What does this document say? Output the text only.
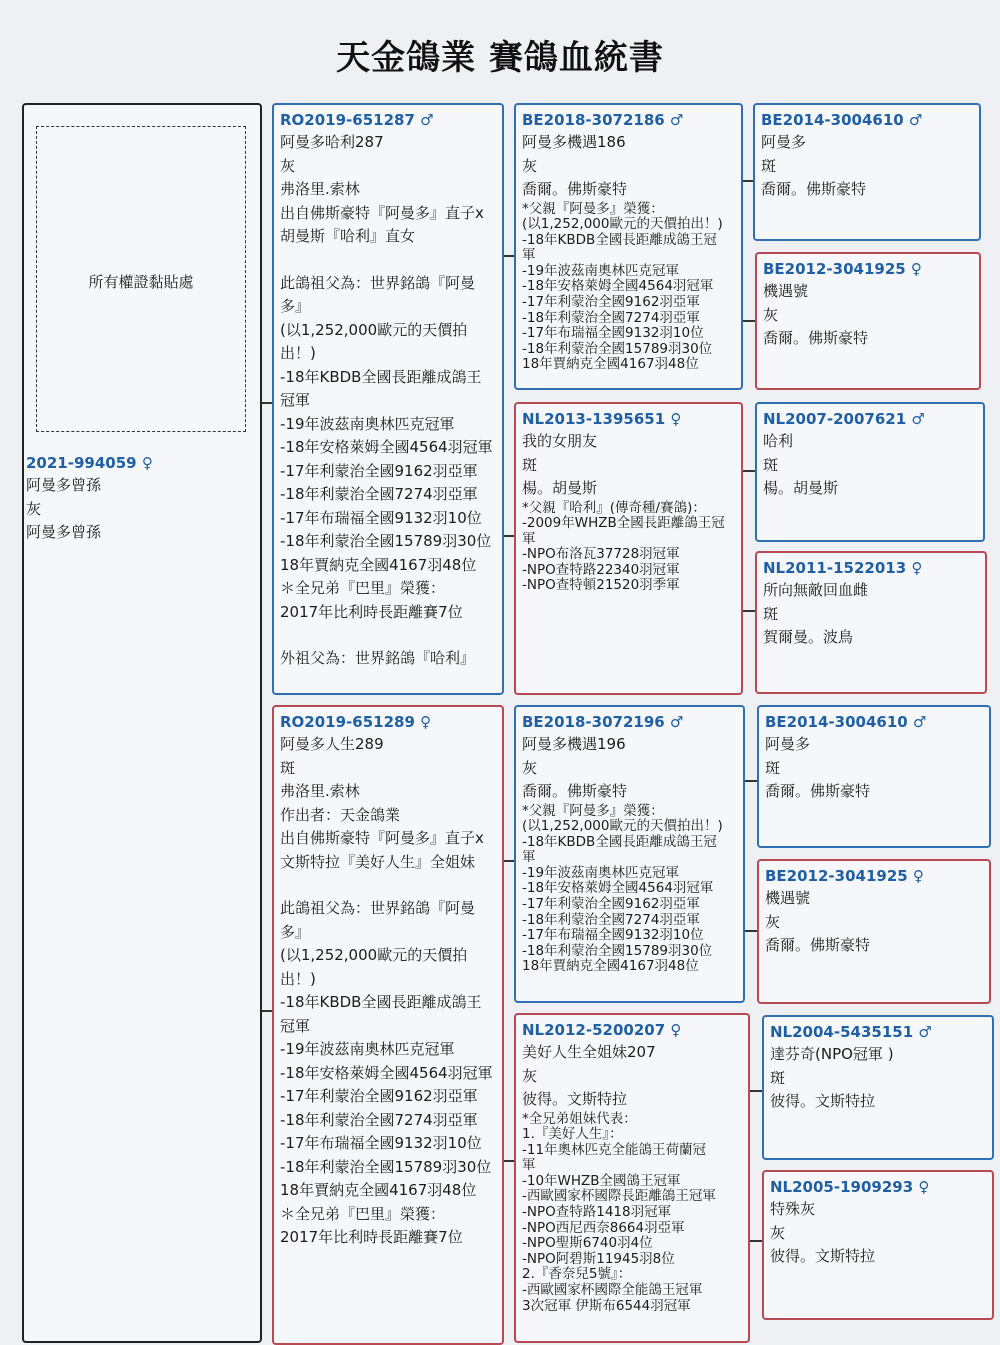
天金鴿業 賽鴿血統書
所有權證黏貼處
2021-994059 ♀
阿曼多曾孫
灰
阿曼多曾孫
RO2019-651287 ♂
阿曼多哈利287
灰
弗洛里.索林
出自佛斯豪特『阿曼多』直子x
胡曼斯『哈利』直女
此鴿祖父為：世界銘鴿『阿曼
多』
(以1,252,000歐元的天價拍
出！)
-18年KBDB全國長距離成鴿王
冠軍
-19年波茲南奧林匹克冠軍
-18年安格萊姆全國4564羽冠軍
-17年利蒙治全國9162羽亞軍
-18年利蒙治全國7274羽亞軍
-17年布瑞福全國9132羽10位
-18年利蒙治全國15789羽30位
18年賈納克全國4167羽48位
＊全兄弟『巴里』榮獲：
2017年比利時長距離賽7位
外祖父為：世界銘鴿『哈利』
RO2019-651289 ♀
阿曼多人生289
斑
弗洛里.索林
作出者：天金鴿業
出自佛斯豪特『阿曼多』直子x
文斯特拉『美好人生』全姐妹
此鴿祖父為：世界銘鴿『阿曼
多』
(以1,252,000歐元的天價拍
出！)
-18年KBDB全國長距離成鴿王
冠軍
-19年波茲南奧林匹克冠軍
-18年安格萊姆全國4564羽冠軍
-17年利蒙治全國9162羽亞軍
-18年利蒙治全國7274羽亞軍
-17年布瑞福全國9132羽10位
-18年利蒙治全國15789羽30位
18年賈納克全國4167羽48位
＊全兄弟『巴里』榮獲：
2017年比利時長距離賽7位
BE2018-3072186 ♂
阿曼多機遇186
灰
喬爾。佛斯豪特
*父親『阿曼多』榮獲：
(以1,252,000歐元的天價拍出！)
-18年KBDB全國長距離成鴿王冠
軍
-19年波茲南奧林匹克冠軍
-18年安格萊姆全國4564羽冠軍
-17年利蒙治全國9162羽亞軍
-18年利蒙治全國7274羽亞軍
-17年布瑞福全國9132羽10位
-18年利蒙治全國15789羽30位
18年賈納克全國4167羽48位
NL2013-1395651 ♀
我的女朋友
斑
楊。胡曼斯
*父親『哈利』(傳奇種/賽鴿)：
-2009年WHZB全國長距離鴿王冠
軍
-NPO布洛瓦37728羽冠軍
-NPO查特路22340羽冠軍
-NPO查特頓21520羽季軍
BE2018-3072196 ♂
阿曼多機遇196
灰
喬爾。佛斯豪特
*父親『阿曼多』榮獲：
(以1,252,000歐元的天價拍出！)
-18年KBDB全國長距離成鴿王冠
軍
-19年波茲南奧林匹克冠軍
-18年安格萊姆全國4564羽冠軍
-17年利蒙治全國9162羽亞軍
-18年利蒙治全國7274羽亞軍
-17年布瑞福全國9132羽10位
-18年利蒙治全國15789羽30位
18年賈納克全國4167羽48位
NL2012-5200207 ♀
美好人生全姐妹207
灰
彼得。文斯特拉
*全兄弟姐妹代表：
1.『美好人生』：
-11年奧林匹克全能鴿王荷蘭冠
軍
-10年WHZB全國鴿王冠軍
-西歐國家杯國際長距離鴿王冠軍
-NPO查特路1418羽冠軍
-NPO西尼西奈8664羽亞軍
-NPO聖斯6740羽4位
-NPO阿碧斯11945羽8位
2.『香奈兒5號』：
-西歐國家杯國際全能鴿王冠軍
3次冠軍 伊斯布6544羽冠軍
BE2014-3004610 ♂
阿曼多
斑
喬爾。佛斯豪特
BE2012-3041925 ♀
機遇號
灰
喬爾。佛斯豪特
NL2007-2007621 ♂
哈利
斑
楊。胡曼斯
NL2011-1522013 ♀
所向無敵回血雌
斑
賀爾曼。波鳥
BE2014-3004610 ♂
阿曼多
斑
喬爾。佛斯豪特
BE2012-3041925 ♀
機遇號
灰
喬爾。佛斯豪特
NL2004-5435151 ♂
達芬奇(NPO冠軍 )
斑
彼得。文斯特拉
NL2005-1909293 ♀
特殊灰
灰
彼得。文斯特拉
